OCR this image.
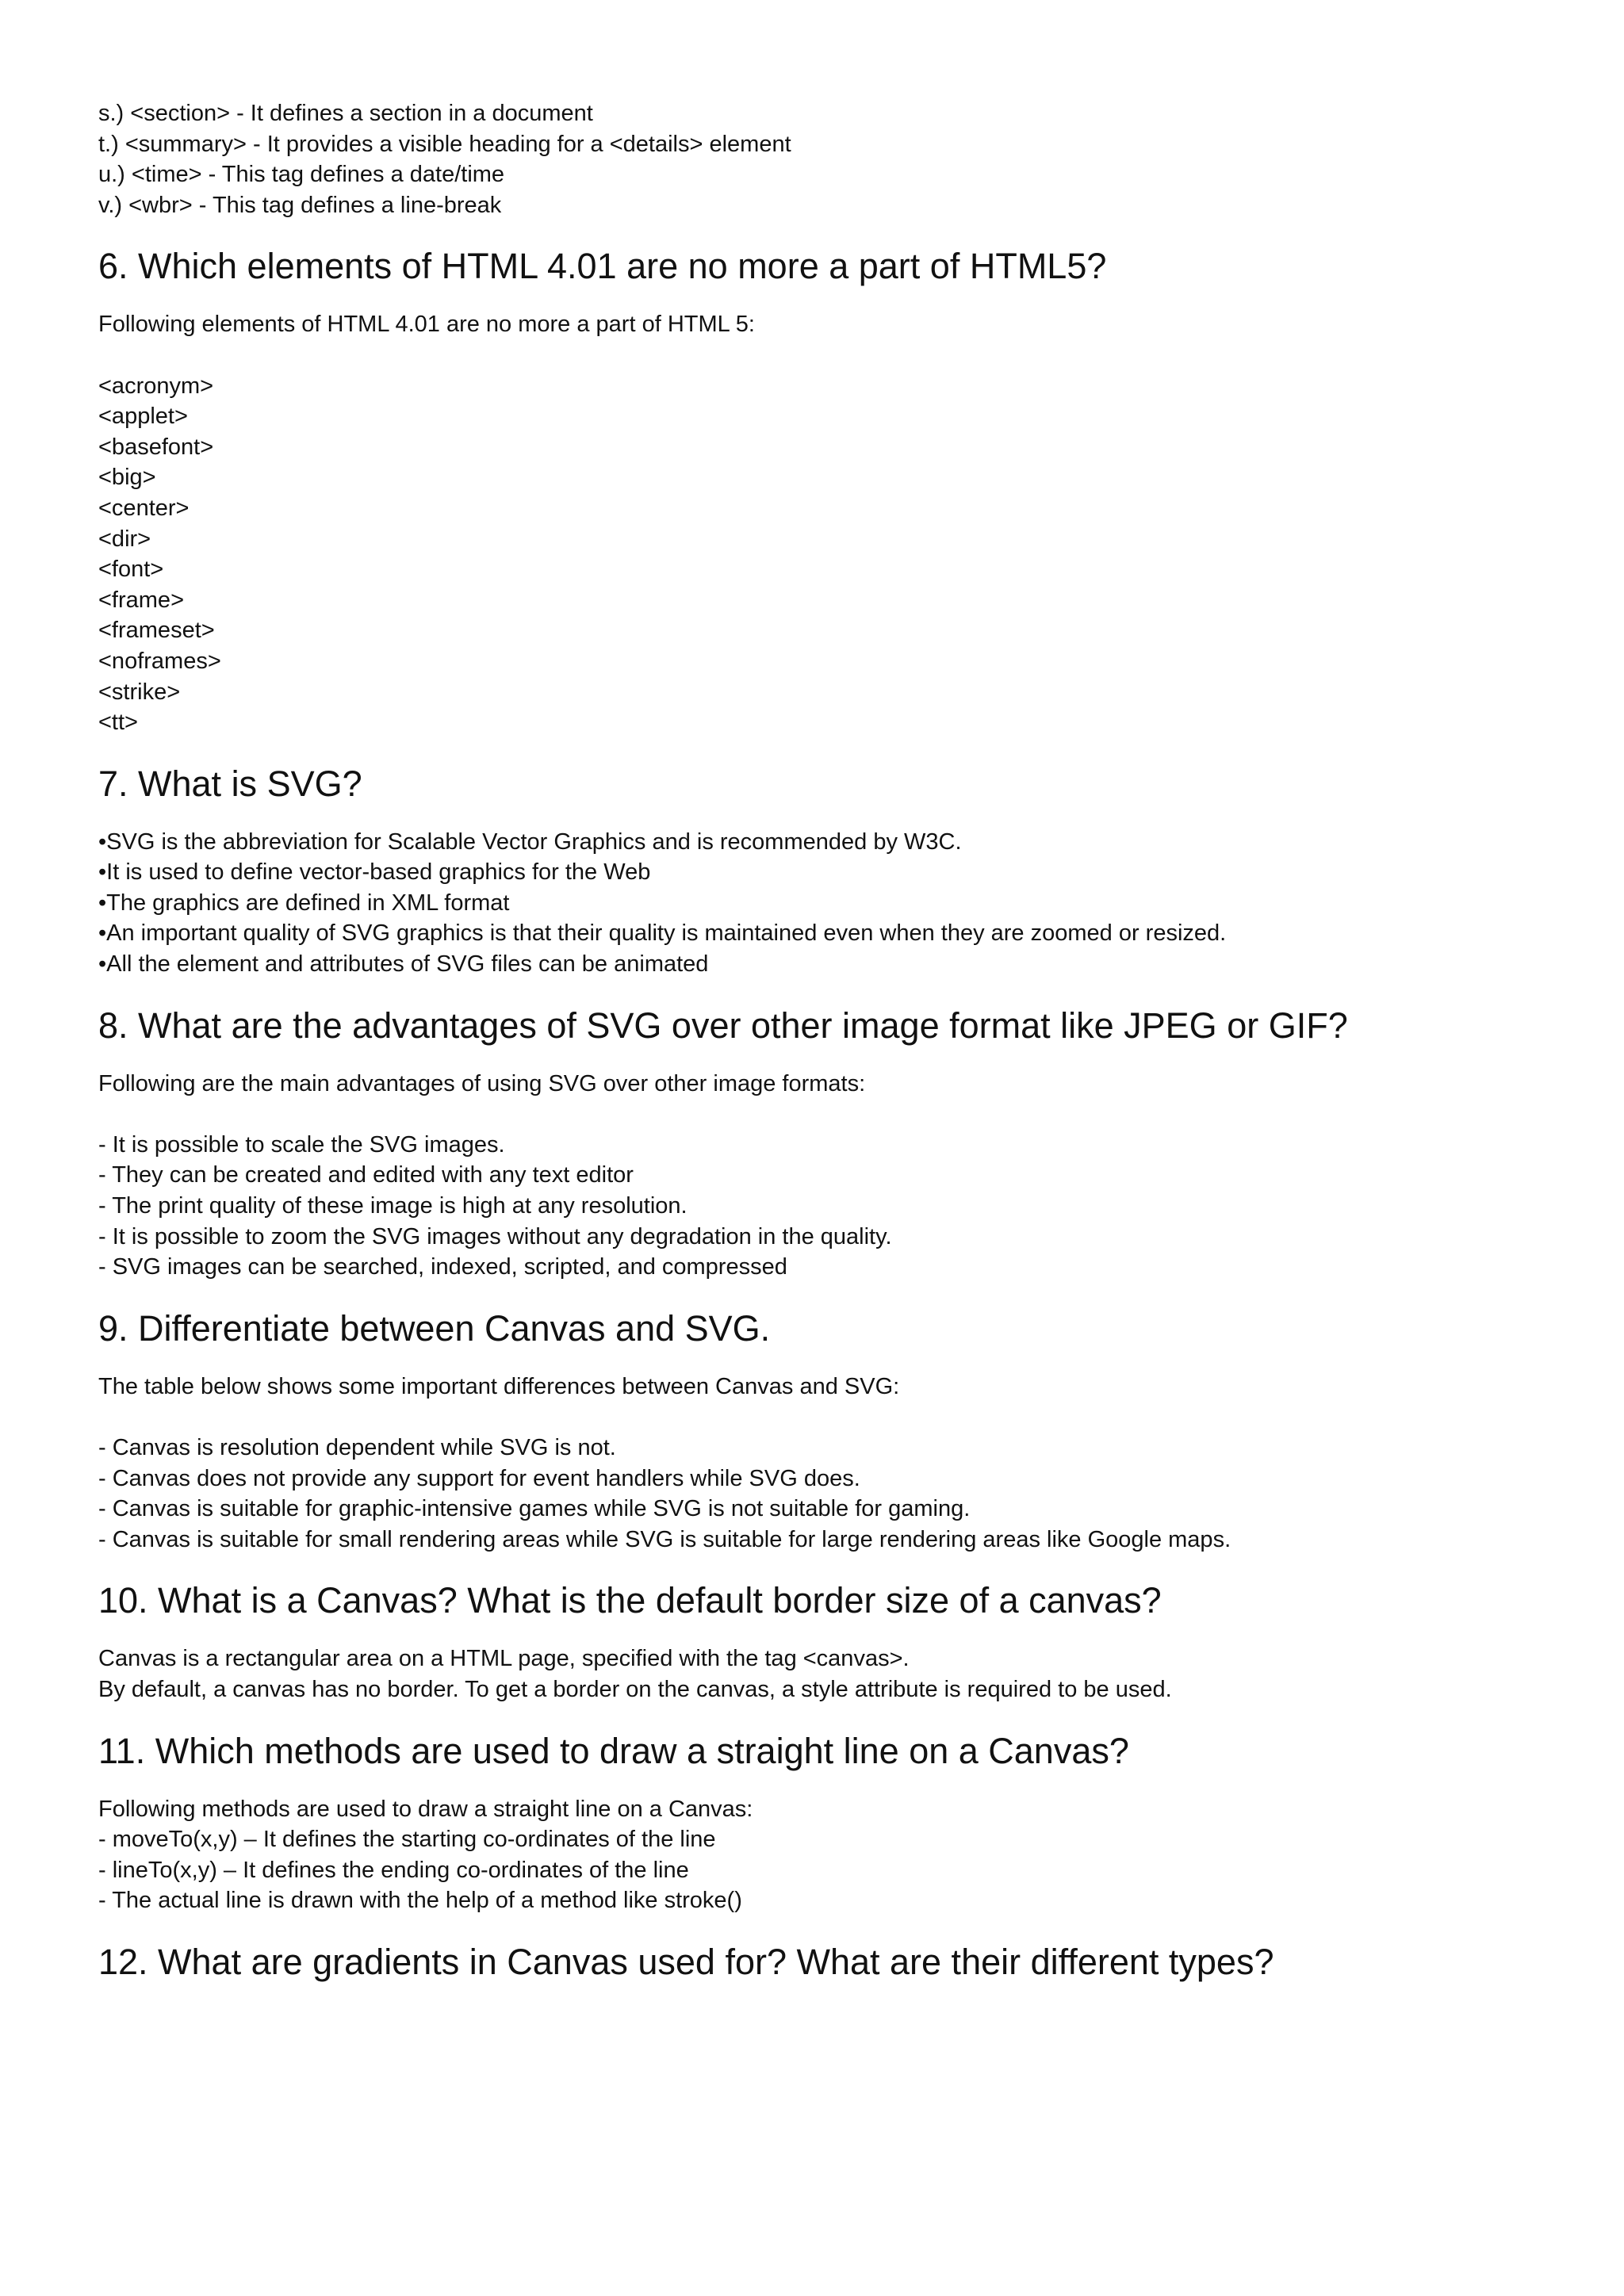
s.) <section> - It defines a section in a document

t.) <summary> - It provides a visible heading for a <details> element

u.) <time> - This tag defines a date/time

v.) <wbr> - This tag defines a line-break

6. Which elements of HTML 4.01 are no more a part of HTML5?

Following elements of HTML 4.01 are no more a part of HTML 5:

<acronym>

<applet>

<basefont>

<big>

<center>

<dir>

<font>

<frame>

<frameset>

<noframes>

<strike>

<tt>

7. What is SVG?

•SVG is the abbreviation for Scalable Vector Graphics and is recommended by W3C.

•It is used to define vector-based graphics for the Web

•The graphics are defined in XML format

•An important quality of SVG graphics is that their quality is maintained even when they are zoomed or resized.

•All the element and attributes of SVG files can be animated

8. What are the advantages of SVG over other image format like JPEG or GIF?

Following are the main advantages of using SVG over other image formats:

- It is possible to scale the SVG images.

- They can be created and edited with any text editor

- The print quality of these image is high at any resolution.

- It is possible to zoom the SVG images without any degradation in the quality.

- SVG images can be searched, indexed, scripted, and compressed

9. Differentiate between Canvas and SVG.

The table below shows some important differences between Canvas and SVG:

- Canvas is resolution dependent while SVG is not.

- Canvas does not provide any support for event handlers while SVG does.

- Canvas is suitable for graphic-intensive games while SVG is not suitable for gaming.

- Canvas is suitable for small rendering areas while SVG is suitable for large rendering areas like Google maps.

10. What is a Canvas? What is the default border size of a canvas?

Canvas is a rectangular area on a HTML page, specified with the tag <canvas>.

By default, a canvas has no border. To get a border on the canvas, a style attribute is required to be used.

11. Which methods are used to draw a straight line on a Canvas?

Following methods are used to draw a straight line on a Canvas:

- moveTo(x,y) – It defines the starting co-ordinates of the line

- lineTo(x,y) – It defines the ending co-ordinates of the line

- The actual line is drawn with the help of a method like stroke()

12. What are gradients in Canvas used for? What are their different types?
